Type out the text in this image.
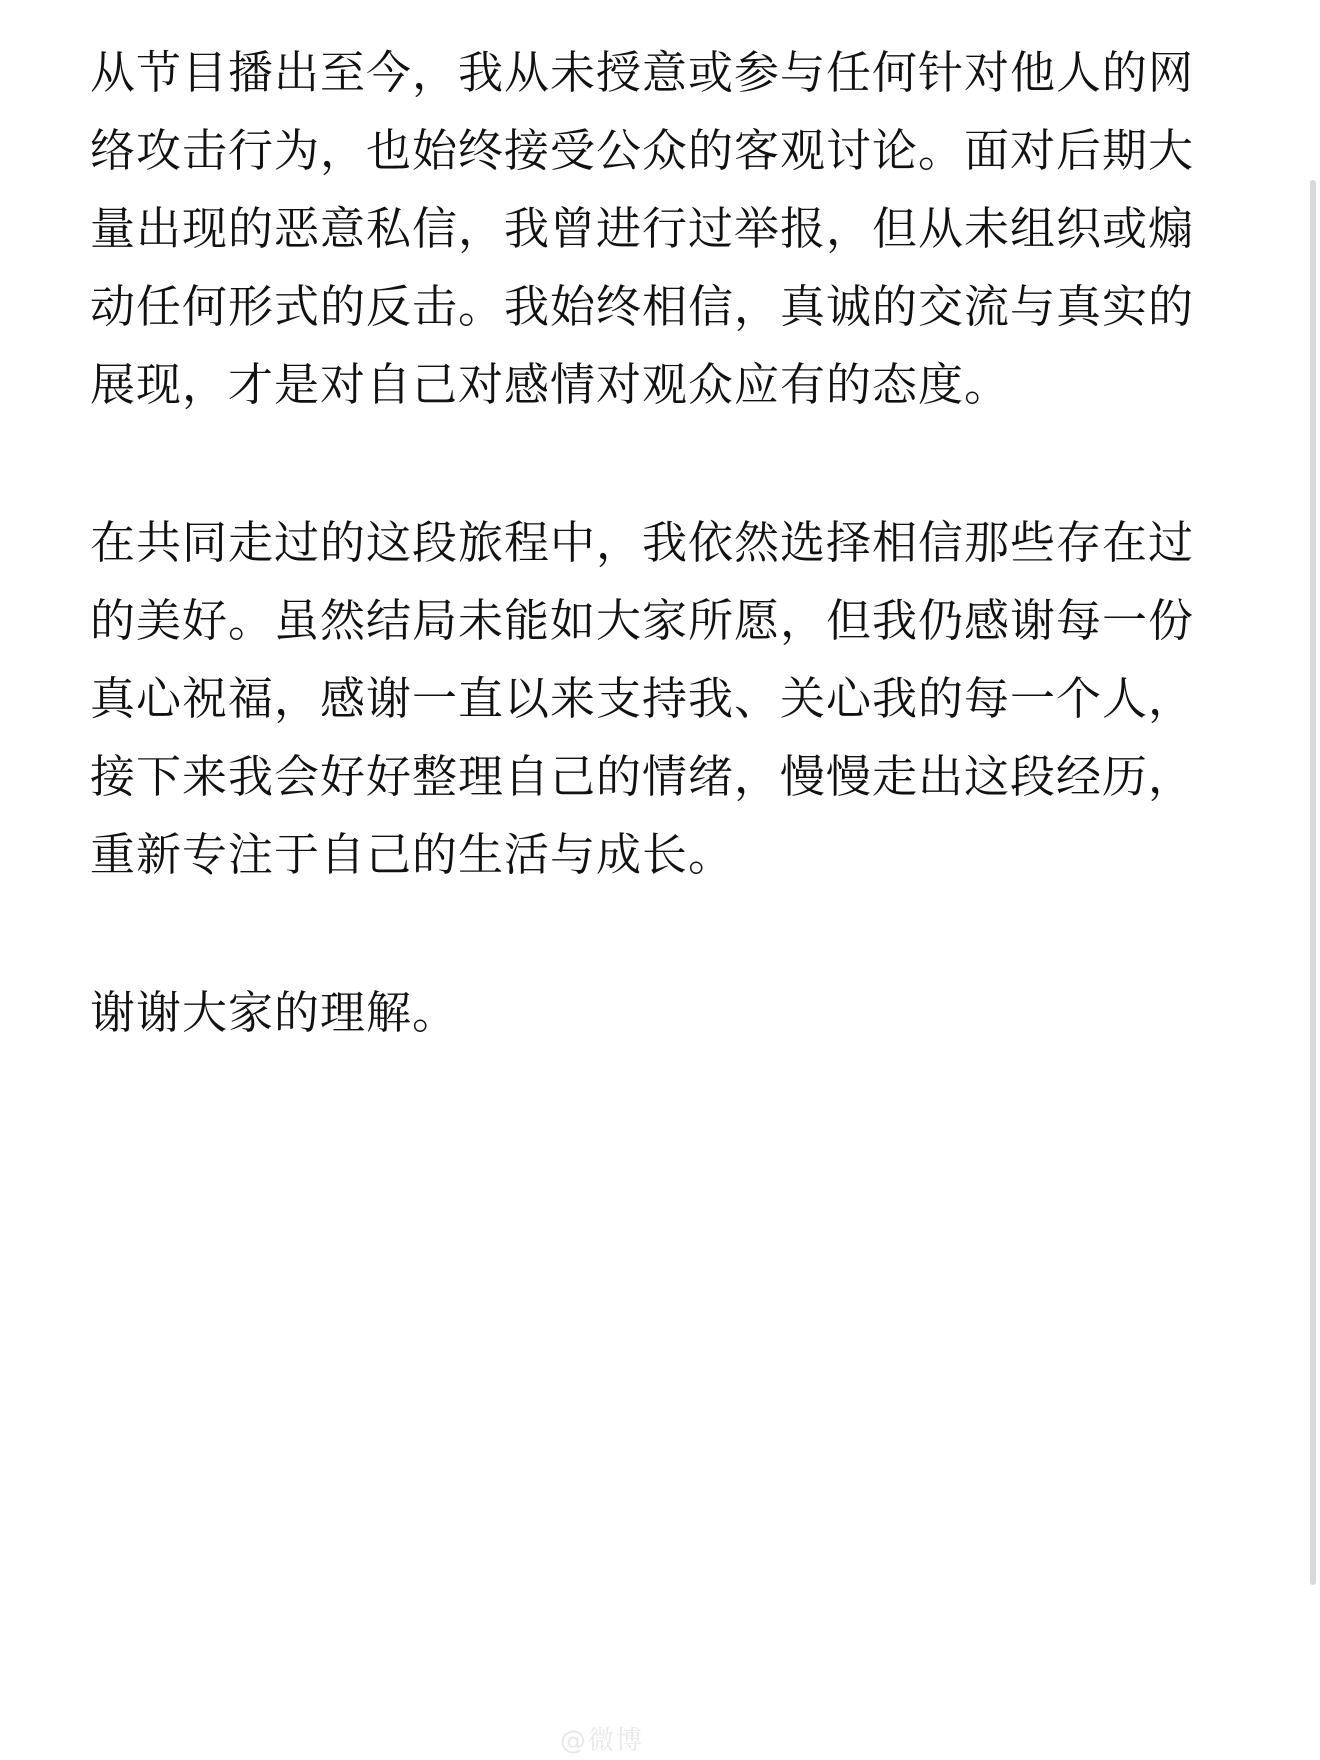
从节目播出至今，我从未授意或参与任何针对他人的网络攻击行为，也始终接受公众的客观讨论。面对后期大量出现的恶意私信，我曾进行过举报，但从未组织或煽动任何形式的反击。我始终相信，真诚的交流与真实的展现，才是对自己对感情对观众应有的态度。

在共同走过的这段旅程中，我依然选择相信那些存在过的美好。虽然结局未能如大家所愿，但我仍感谢每一份真心祝福，感谢一直以来支持我、关心我的每一个人，接下来我会好好整理自己的情绪，慢慢走出这段经历，重新专注于自己的生活与成长。

谢谢大家的理解。

@微博
